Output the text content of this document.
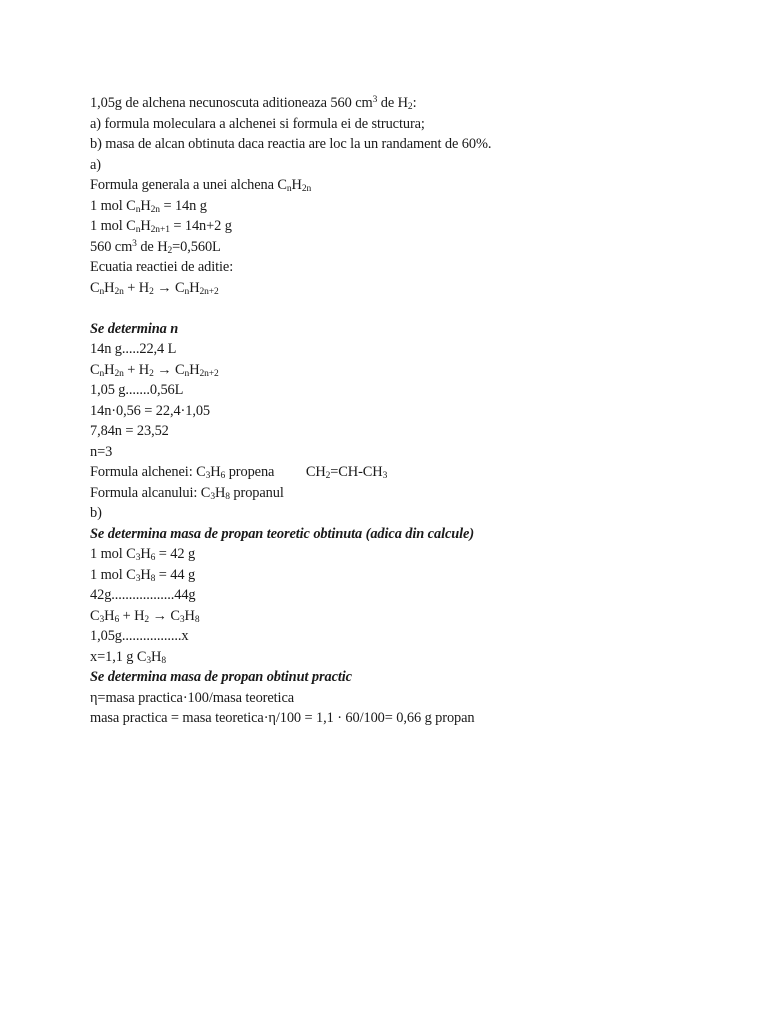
1,05g de alchena necunoscuta aditioneaza 560 $cm^3$ de $H_2$:
a) formula moleculara a alchenei si formula ei de structura;
b) masa de alcan obtinuta daca reactia are loc la un randament de 60%.
a)
Formula generala a unei alchena $C_nH_{2n}$
1 mol $C_nH_{2n} = 14n$ g
1 mol $C_nH_{2n+1} = 14n+2$ g
560 $cm^3$ de $H_2=0,560L$
Ecuatia reactiei de aditie:
$C_nH_{2n} + H_2 \to C_nH_{2n+2}$
Se determina n
14n g.....22,4 L
$C_nH_{2n} + H_2 \to C_nH_{2n+2}$
1,05 g.......0,56L
14n·0,56 = 22,4·1,05
7,84n = 23,52
n=3
Formula alchenei: $C_3H_6$ propena         $CH_2=CH-CH_3$
Formula alcanului: $C_3H_8$ propanul
b)
Se determina masa de propan teoretic obtinuta (adica din calcule)
1 mol $C_3H_6 = 42$ g
1 mol $C_3H_8 = 44$ g
42g..................44g
$C_3H_6 + H_2 \to C_3H_8$
1,05g.................x
x=1,1 g $C_3H_8$
Se determina masa de propan obtinut practic
η=masa practica·100/masa teoretica
masa practica = masa teoretica·η/100 = 1,1 · 60/100= 0,66 g propan
